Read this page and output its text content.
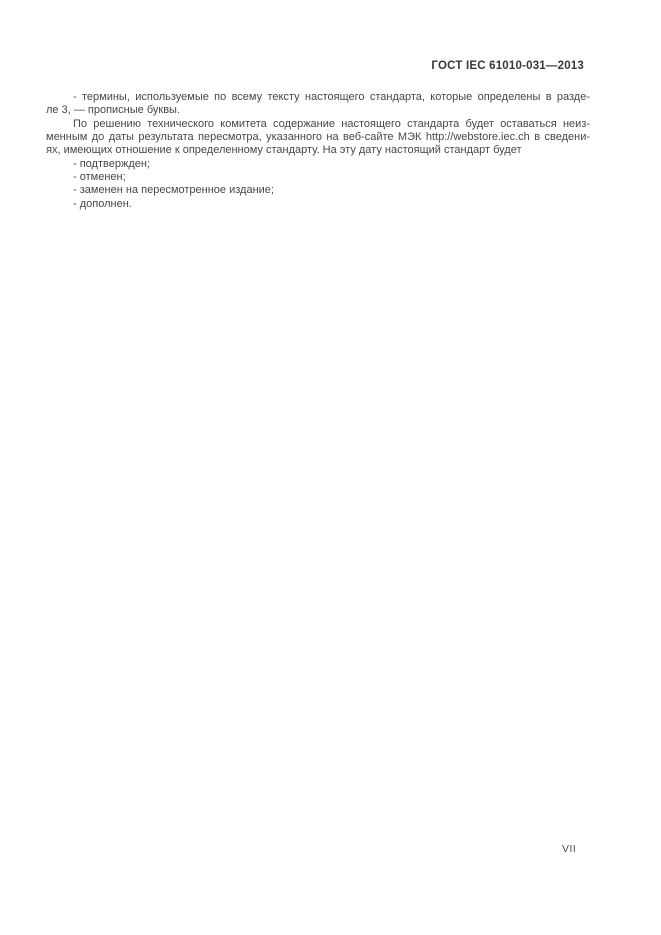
ГОСТ IEC 61010-031—2013
- термины, используемые по всему тексту настоящего стандарта, которые определены в разде-
ле 3, — прописные буквы.
По решению технического комитета содержание настоящего стандарта будет оставаться неиз-
менным до даты результата пересмотра, указанного на веб-сайте МЭК http://webstore.iec.ch в сведени-
ях, имеющих отношение к определенному стандарту. На эту дату настоящий стандарт будет
- подтвержден;
- отменен;
- заменен на пересмотренное издание;
- дополнен.
VII
